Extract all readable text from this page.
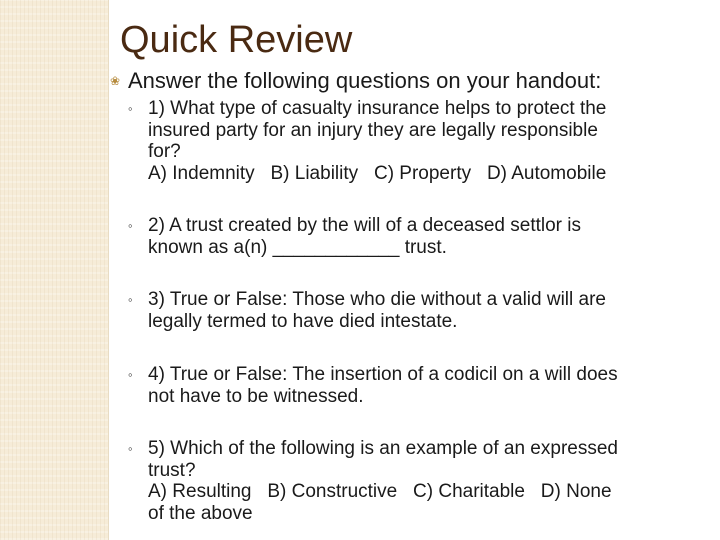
Quick Review
❀ Answer the following questions on your handout:
◦ 1) What type of casualty insurance helps to protect the
insured party for an injury they are legally responsible
for?
A) Indemnity   B) Liability   C) Property   D) Automobile
◦ 2) A trust created by the will of a deceased settlor is
known as a(n) ____________ trust.
◦ 3) True or False: Those who die without a valid will are
legally termed to have died intestate.
◦ 4) True or False: The insertion of a codicil on a will does
not have to be witnessed.
◦ 5) Which of the following is an example of an expressed
trust?
A) Resulting   B) Constructive   C) Charitable   D) None
of the above
